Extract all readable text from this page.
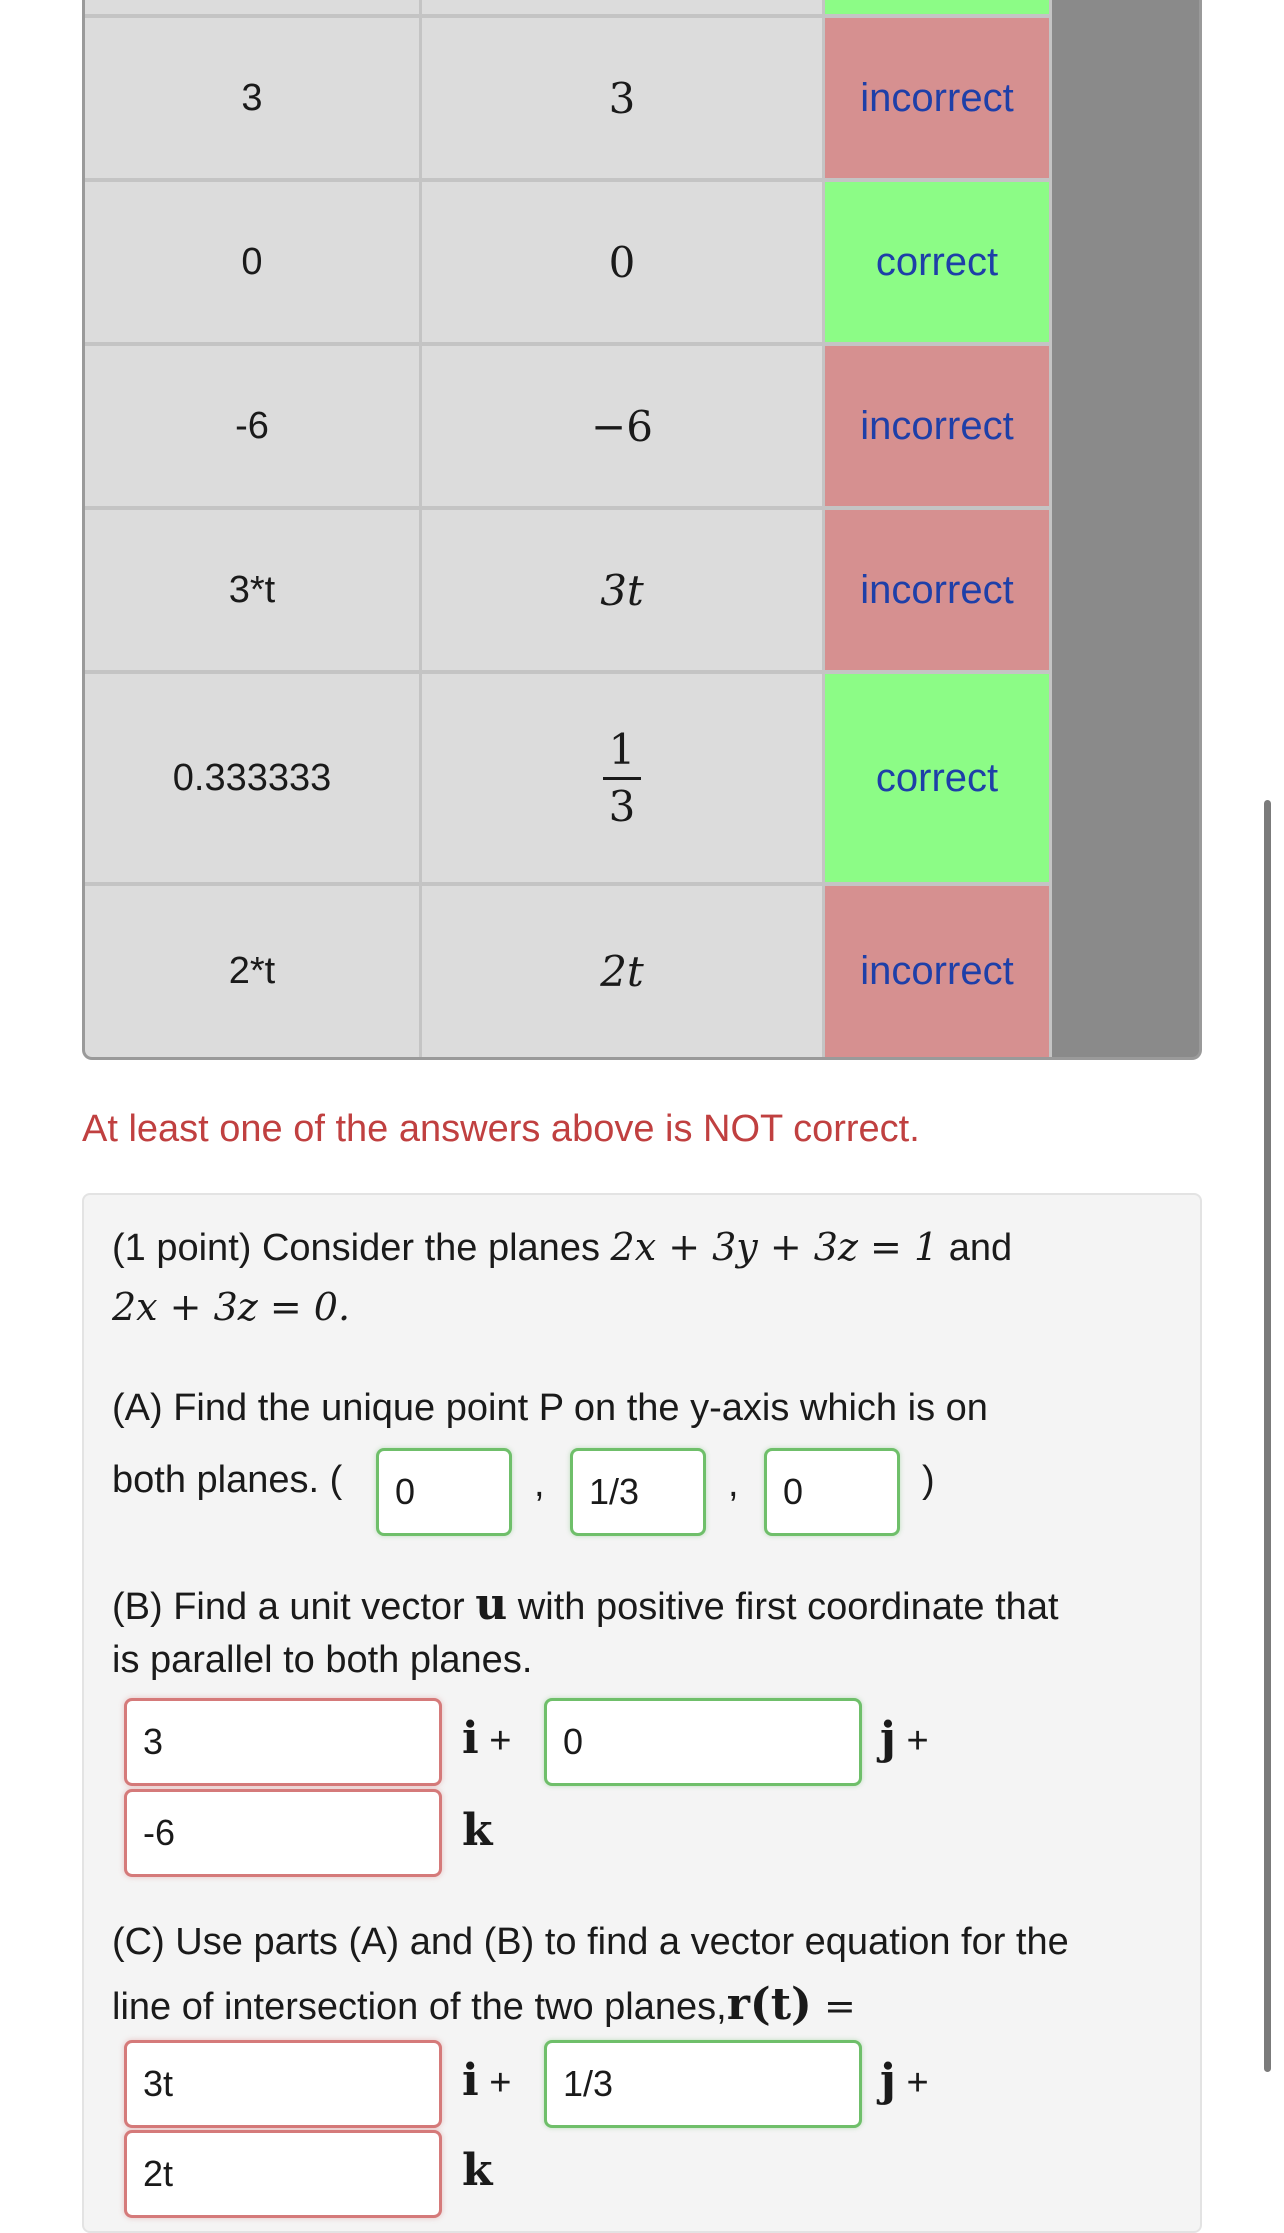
3	3	incorrect
0	0	correct
-6	−6	incorrect
3*t	3t	incorrect
0.333333	$\frac{1}{3}$	correct
2*t	2t	incorrect
At least one of the answers above is NOT correct.
(1 point) Consider the planes 2x + 3y + 3z = 1 and
2x + 3z = 0.
(A) Find the unique point P on the y-axis which is on
both planes. (	0	,	1/3	,	0	)
(B) Find a unit vector u with positive first coordinate that
is parallel to both planes.
3	i +	0	j +
-6	k
(C) Use parts (A) and (B) to find a vector equation for the
line of intersection of the two planes,r(t) =
3t	i +	1/3	j +
2t	k
